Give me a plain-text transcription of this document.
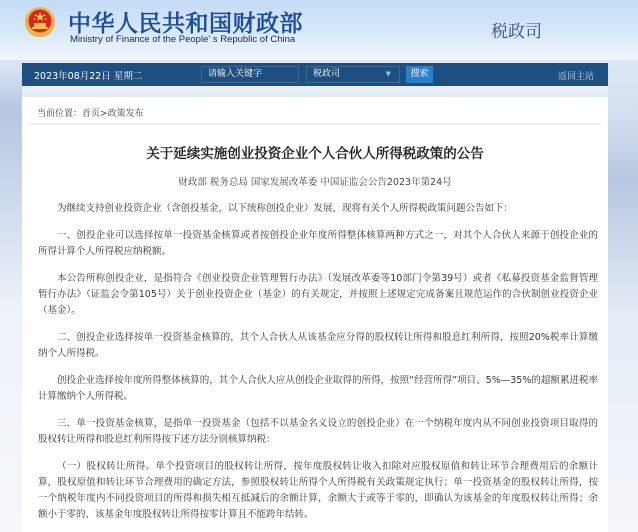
中华人民共和国财政部
Ministry of Finance of the People' s Republic of China	税政司
2023年08月22日 星期二	请输入关键字	税政司	▼	搜索	返回主站
当前位置：首页>政策发布
关于延续实施创业投资企业个人合伙人所得税政策的公告
财政部 税务总局 国家发展改革委 中国证监会公告2023年第24号

为继续支持创业投资企业（含创投基金，以下统称创投企业）发展，现将有关个人所得税政策问题公告如下：

一、创投企业可以选择按单一投资基金核算或者按创投企业年度所得整体核算两种方式之一，对其个人合伙人来源于创投企业的所得计算个人所得税应纳税额。

本公告所称创投企业，是指符合《创业投资企业管理暂行办法》（发展改革委等10部门令第39号）或者《私募投资基金监督管理暂行办法》（证监会令第105号）关于创业投资企业（基金）的有关规定，并按照上述规定完成备案且规范运作的合伙制创业投资企业（基金）。

二、创投企业选择按单一投资基金核算的，其个人合伙人从该基金应分得的股权转让所得和股息红利所得，按照20%税率计算缴纳个人所得税。

创投企业选择按年度所得整体核算的，其个人合伙人应从创投企业取得的所得，按照“经营所得”项目、5%—35%的超额累进税率计算缴纳个人所得税。

三、单一投资基金核算，是指单一投资基金（包括不以基金名义设立的创投企业）在一个纳税年度内从不同创业投资项目取得的股权转让所得和股息红利所得按下述方法分别核算纳税：

（一）股权转让所得。单个投资项目的股权转让所得，按年度股权转让收入扣除对应股权原值和转让环节合理费用后的余额计算，股权原值和转让环节合理费用的确定方法，参照股权转让所得个人所得税有关政策规定执行；单一投资基金的股权转让所得，按一个纳税年度内不同投资项目的所得和损失相互抵减后的余额计算，余额大于或等于零的，即确认为该基金的年度股权转让所得；余额小于零的，该基金年度股权转让所得按零计算且不能跨年结转。
